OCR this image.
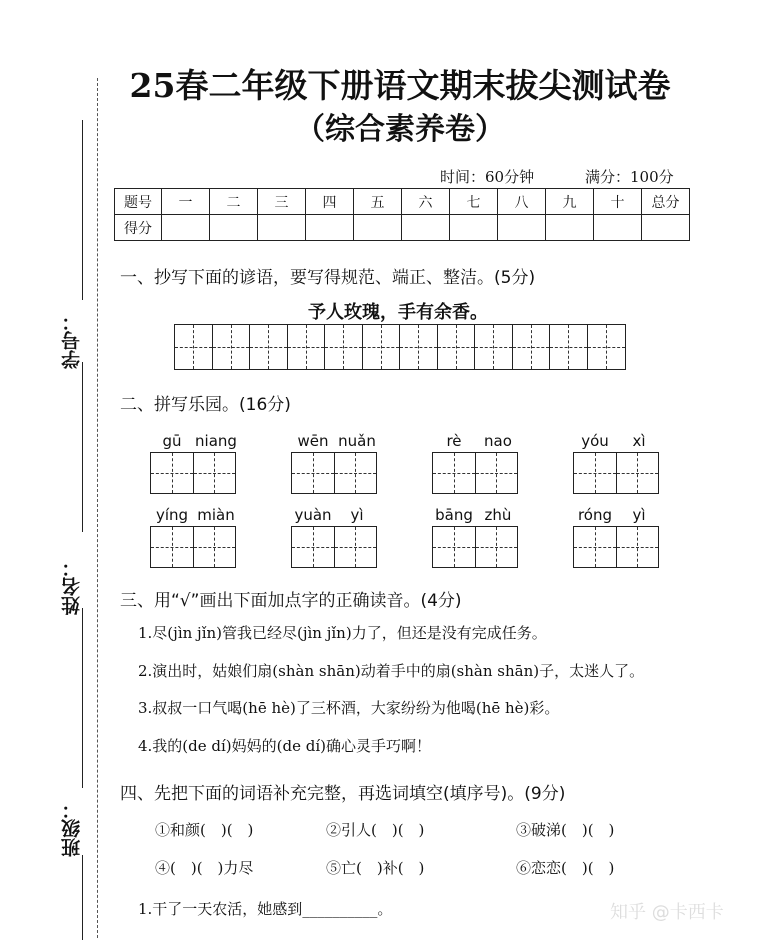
学号：
姓名：
班级：
25春二年级下册语文期末拔尖测试卷
（综合素养卷）
时间：60分钟	满分：100分
题号	一	二	三	四	五	六	七	八	九	十	总分
得分											
一、抄写下面的谚语，要写得规范、端正、整洁。(5分)
予人玫瑰，手有余香。
二、拼写乐园。(16分)
gū niang	wēn nuǎn	rè nao	yóu xì
yíng miàn	yuàn yì	bāng zhù	róng yì
三、用“√”画出下面加点字的正确读音。(4分)
1.尽(jìn jǐn)管我已经尽(jìn jǐn)力了，但还是没有完成任务。
2.演出时，姑娘们扇(shàn shān)动着手中的扇(shàn shān)子，太迷人了。
3.叔叔一口气喝(hē hè)了三杯酒，大家纷纷为他喝(hē hè)彩。
4.我的(de dí)妈妈的(de dí)确心灵手巧啊！
四、先把下面的词语补充完整，再选词填空(填序号)。(9分)
①和颜(　)(　)	②引人(　)(　)	③破涕(　)(　)
④(　)(　)力尽	⑤亡(　)补(　)	⑥恋恋(　)(　)
1.干了一天农活，她感到__________。	知乎 @卡西卡
